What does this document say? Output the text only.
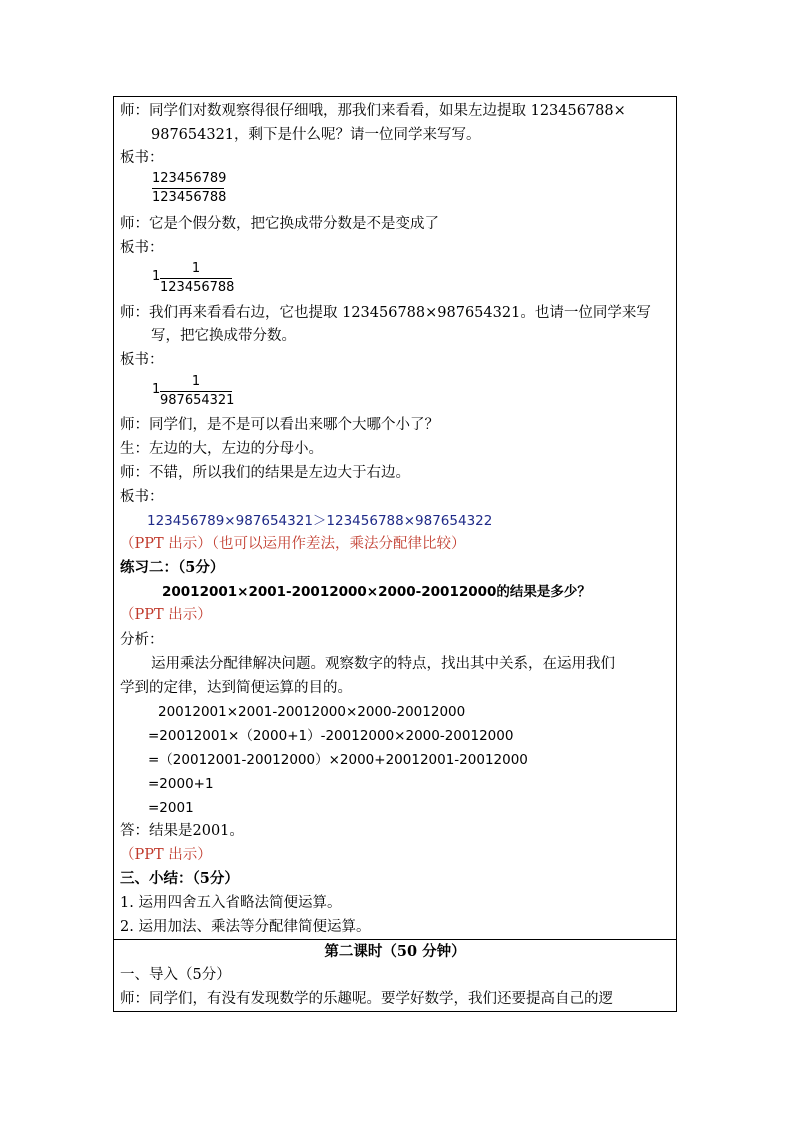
师：同学们对数观察得很仔细哦，那我们来看看，如果左边提取 123456788×
987654321，剩下是什么呢？请一位同学来写写。
板书：
123456789
123456788
师：它是个假分数，把它换成带分数是不是变成了
板书：
1
1
123456788
师：我们再来看看右边，它也提取 123456788×987654321。也请一位同学来写
写，把它换成带分数。
板书：
1
1
987654321
师：同学们，是不是可以看出来哪个大哪个小了？
生：左边的大，左边的分母小。
师：不错，所以我们的结果是左边大于右边。
板书：
123456789×987654321＞123456788×987654322
（PPT 出示）（也可以运用作差法，乘法分配律比较）
练习二：（5分）
20012001×2001-20012000×2000-20012000的结果是多少？
（PPT 出示）
分析：
运用乘法分配律解决问题。观察数字的特点，找出其中关系，在运用我们
学到的定律，达到简便运算的目的。
20012001×2001-20012000×2000-20012000
=20012001×（2000+1）-20012000×2000-20012000
=（20012001-20012000）×2000+20012001-20012000
=2000+1
=2001
答：结果是2001。
（PPT 出示）
三、小结：（5分）
1. 运用四舍五入省略法简便运算。
2. 运用加法、乘法等分配律简便运算。
第二课时（50 分钟）
一、导入（5分）
师：同学们，有没有发现数学的乐趣呢。要学好数学，我们还要提高自己的逻
